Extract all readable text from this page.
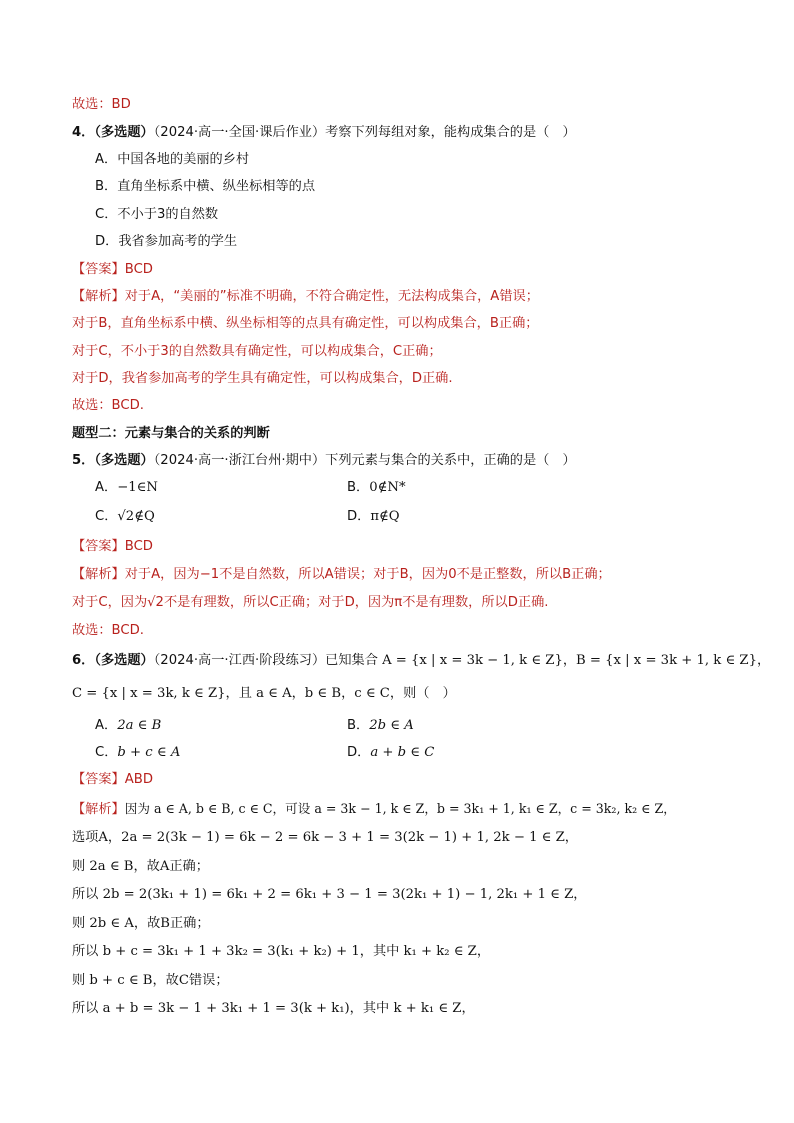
故选：BD
4．（多选题）（2024·高一·全国·课后作业）考察下列每组对象，能构成集合的是（　）
A．中国各地的美丽的乡村
B．直角坐标系中横、纵坐标相等的点
C．不小于3的自然数
D．我省参加高考的学生
【答案】BCD
【解析】对于A，“美丽的”标准不明确，不符合确定性，无法构成集合，A错误；
对于B，直角坐标系中横、纵坐标相等的点具有确定性，可以构成集合，B正确；
对于C，不小于3的自然数具有确定性，可以构成集合，C正确；
对于D，我省参加高考的学生具有确定性，可以构成集合，D正确.
故选：BCD.
题型二：元素与集合的关系的判断
5．（多选题）（2024·高一·浙江台州·期中）下列元素与集合的关系中，正确的是（　）
A．−1∈N	B．0∉N*
C．√2∉Q	D．π∉Q
【答案】BCD
【解析】对于A，因为−1不是自然数，所以A错误；对于B，因为0不是正整数，所以B正确；
对于C，因为√2不是有理数，所以C正确；对于D，因为π不是有理数，所以D正确.
故选：BCD.
6．（多选题）（2024·高一·江西·阶段练习）已知集合 A = {x | x = 3k − 1, k ∈ Z}，B = {x | x = 3k + 1, k ∈ Z}，
C = {x | x = 3k, k ∈ Z}，且 a ∈ A，b ∈ B，c ∈ C，则（　）
A．2a ∈ B	B．2b ∈ A
C．b + c ∈ A	D．a + b ∈ C
【答案】ABD
【解析】因为 a ∈ A, b ∈ B, c ∈ C，可设 a = 3k − 1, k ∈ Z，b = 3k₁ + 1, k₁ ∈ Z，c = 3k₂, k₂ ∈ Z，
选项A，2a = 2(3k − 1) = 6k − 2 = 6k − 3 + 1 = 3(2k − 1) + 1, 2k − 1 ∈ Z，
则 2a ∈ B，故A正确；
所以 2b = 2(3k₁ + 1) = 6k₁ + 2 = 6k₁ + 3 − 1 = 3(2k₁ + 1) − 1, 2k₁ + 1 ∈ Z，
则 2b ∈ A，故B正确；
所以 b + c = 3k₁ + 1 + 3k₂ = 3(k₁ + k₂) + 1，其中 k₁ + k₂ ∈ Z，
则 b + c ∈ B，故C错误；
所以 a + b = 3k − 1 + 3k₁ + 1 = 3(k + k₁)，其中 k + k₁ ∈ Z，
